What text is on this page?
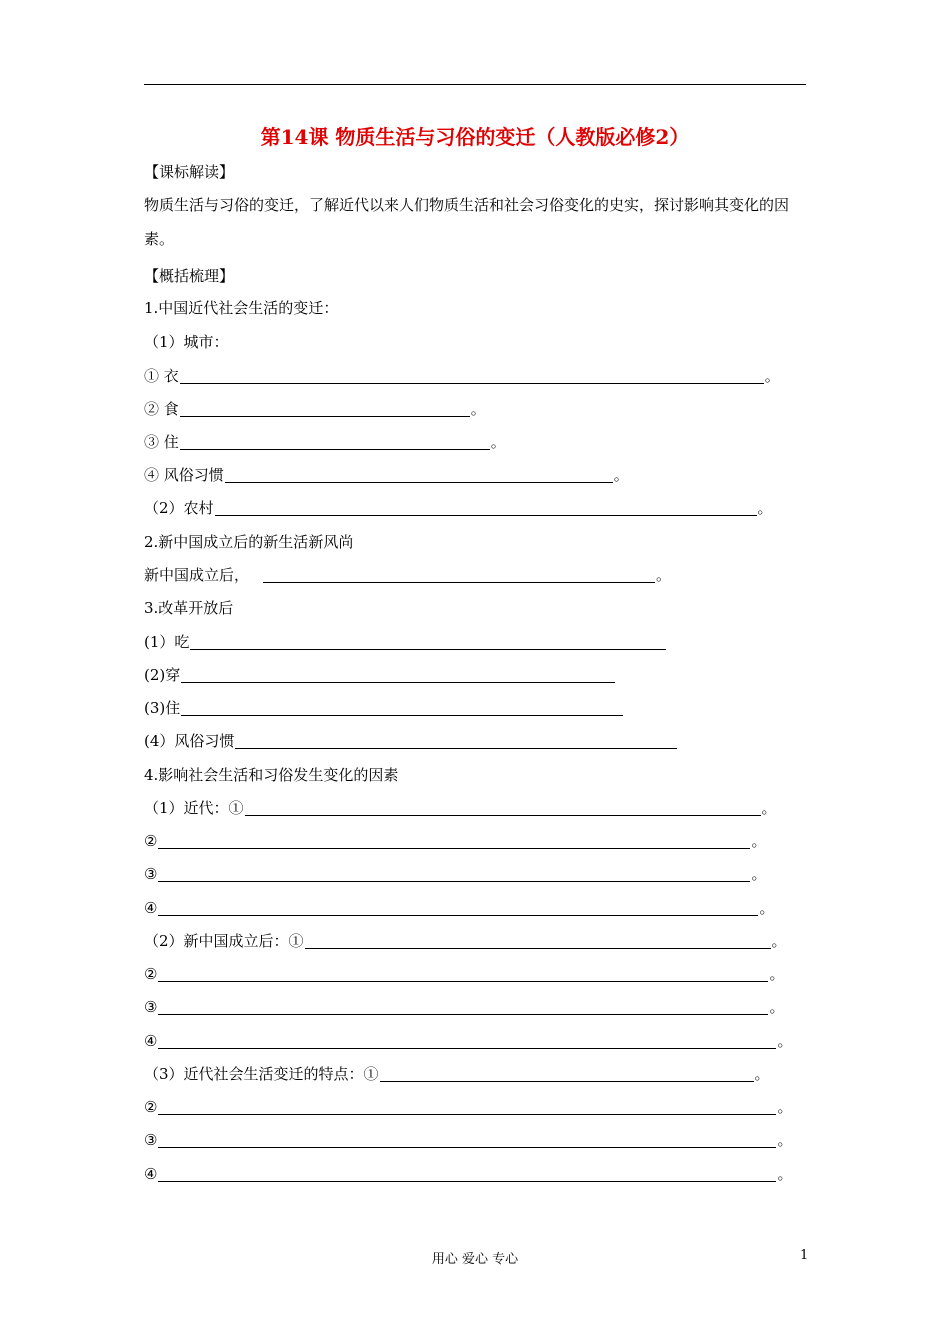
第14课 物质生活与习俗的变迁（人教版必修2）
【课标解读】
物质生活与习俗的变迁，了解近代以来人们物质生活和社会习俗变化的史实，探讨影响其变化的因素。
【概括梳理】
1.中国近代社会生活的变迁：
（1）城市：
① 衣	。
② 食	。
③ 住	。
④ 风俗习惯	。
（2）农村	。
2.新中国成立后的新生活新风尚
新中国成立后，	。
3.改革开放后
(1）吃
(2)穿
(3)住
(4）风俗习惯
4.影响社会生活和习俗发生变化的因素
（1）近代：①	。
②	。
③	。
④	。
（2）新中国成立后：①	。
②	。
③	。
④	。
（3）近代社会生活变迁的特点：①	。
②	。
③	。
④	。
用心 爱心 专心	1
